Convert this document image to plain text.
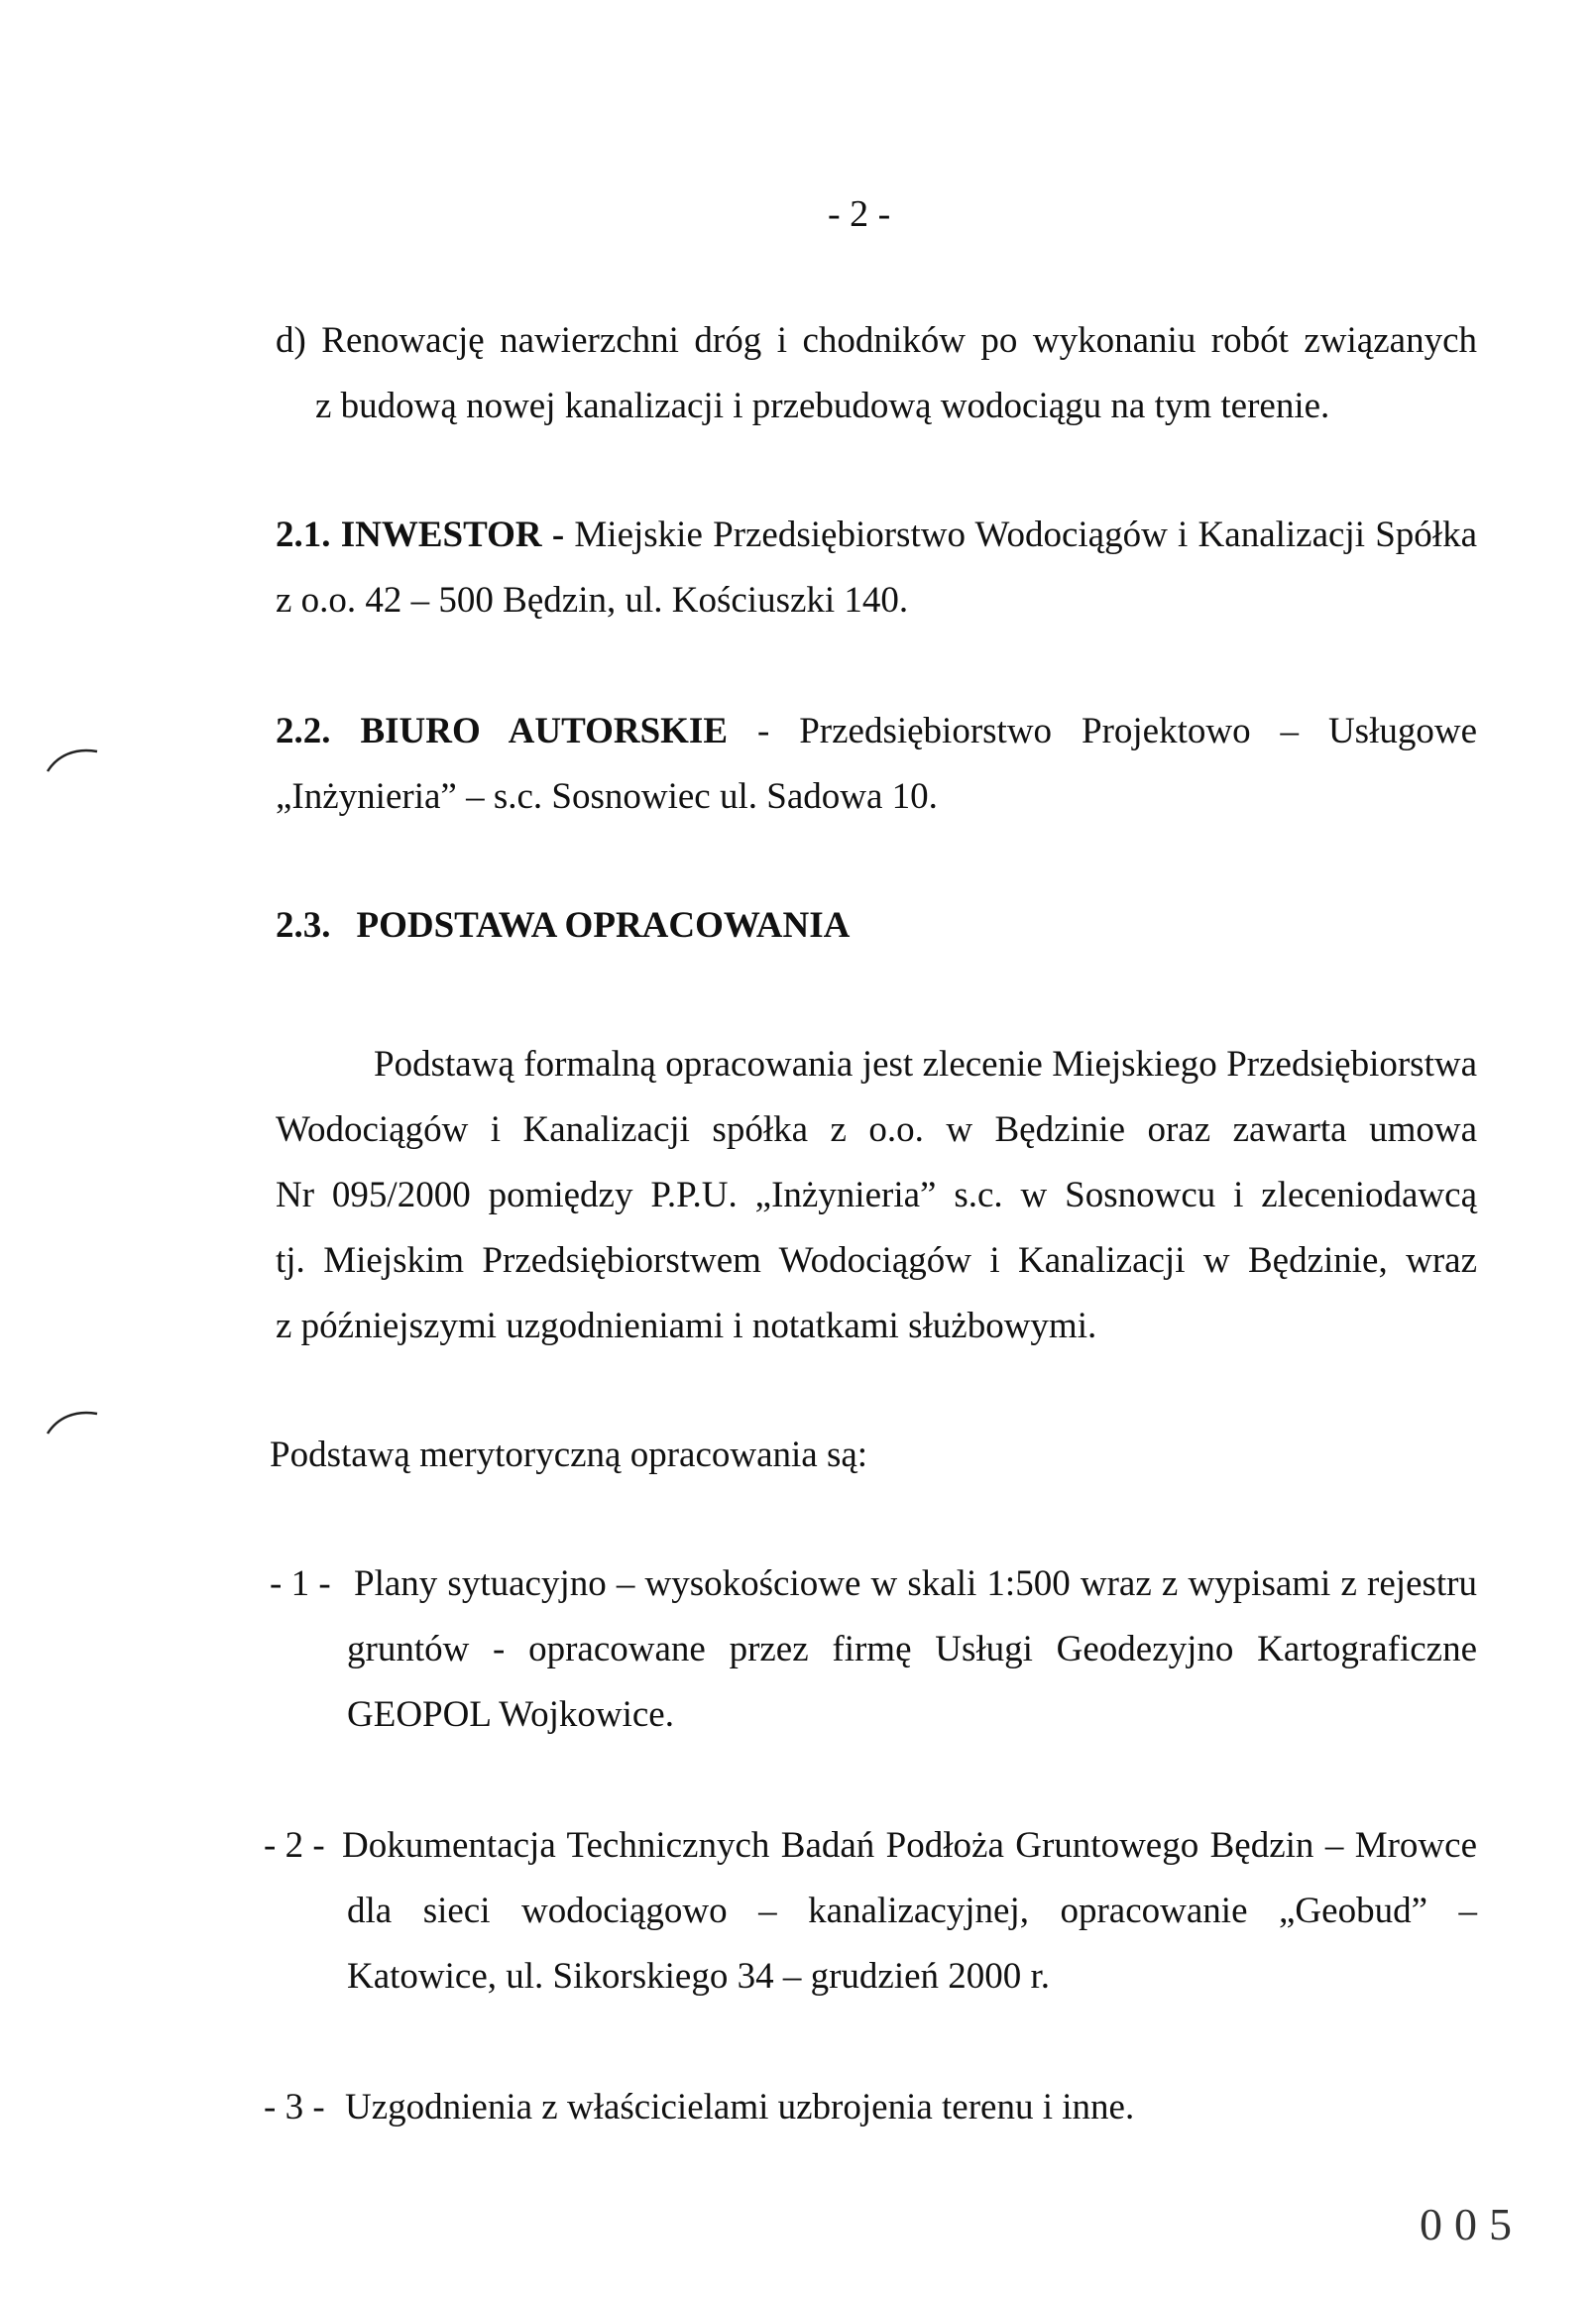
- 2 -
d) Renowację nawierzchni dróg i chodników po wykonaniu robót związanych
z budową nowej kanalizacji i przebudową wodociągu na tym terenie.
2.1. INWESTOR - Miejskie Przedsiębiorstwo Wodociągów i Kanalizacji Spółka
z o.o. 42 – 500 Będzin, ul. Kościuszki 140.
2.2. BIURO AUTORSKIE - Przedsiębiorstwo Projektowo – Usługowe
„Inżynieria” – s.c. Sosnowiec ul. Sadowa 10.
2.3. PODSTAWA OPRACOWANIA
Podstawą formalną opracowania jest zlecenie Miejskiego Przedsiębiorstwa
Wodociągów i Kanalizacji spółka z o.o. w Będzinie oraz zawarta umowa
Nr 095/2000 pomiędzy P.P.U. „Inżynieria” s.c. w Sosnowcu i zleceniodawcą
tj. Miejskim Przedsiębiorstwem Wodociągów i Kanalizacji w Będzinie, wraz
z późniejszymi uzgodnieniami i notatkami służbowymi.
Podstawą merytoryczną opracowania są:
- 1 - Plany sytuacyjno – wysokościowe w skali 1:500 wraz z wypisami z rejestru
gruntów - opracowane przez firmę Usługi Geodezyjno Kartograficzne
GEOPOL Wojkowice.
- 2 - Dokumentacja Technicznych Badań Podłoża Gruntowego Będzin – Mrowce
dla sieci wodociągowo – kanalizacyjnej, opracowanie „Geobud” –
Katowice, ul. Sikorskiego 34 – grudzień 2000 r.
- 3 - Uzgodnienia z właścicielami uzbrojenia terenu i inne.
005
